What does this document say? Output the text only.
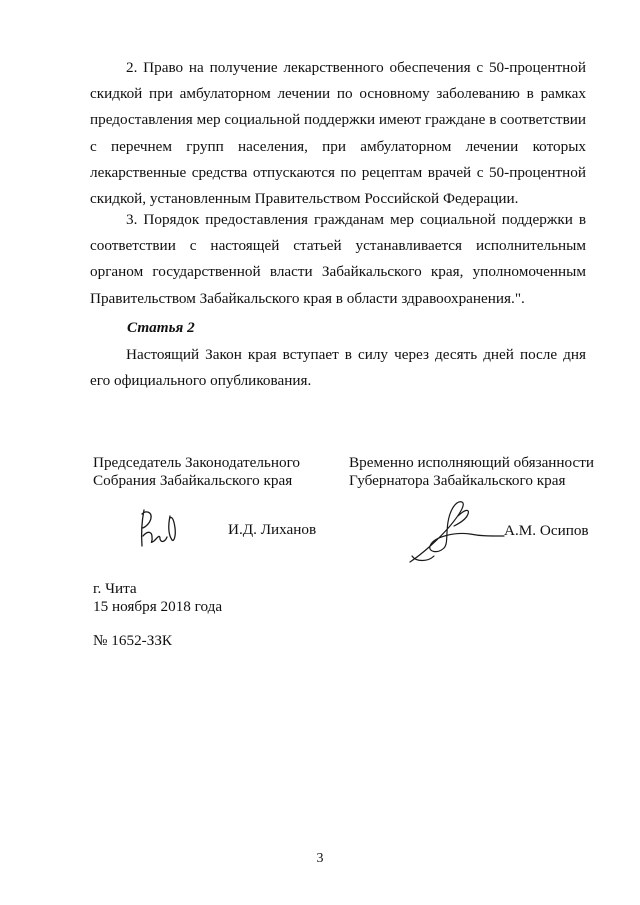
2. Право на получение лекарственного обеспечения с 50-процентной скидкой при амбулаторном лечении по основному заболеванию в рамках предоставления мер социальной поддержки имеют граждане в соответствии с перечнем групп населения, при амбулаторном лечении которых лекарственные средства отпускаются по рецептам врачей с 50-процентной скидкой, установленным Правительством Российской Федерации.

3. Порядок предоставления гражданам мер социальной поддержки в соответствии с настоящей статьей устанавливается исполнительным органом государственной власти Забайкальского края, уполномоченным Правительством Забайкальского края в области здравоохранения.".

Статья 2

Настоящий Закон края вступает в силу через десять дней после дня его официального опубликования.

Председатель Законодательного
Собрания Забайкальского края

И.Д. Лиханов

Временно исполняющий обязанности
Губернатора Забайкальского края

А.М. Осипов

г. Чита
15 ноября 2018 года

№ 1652-ЗЗК

3
